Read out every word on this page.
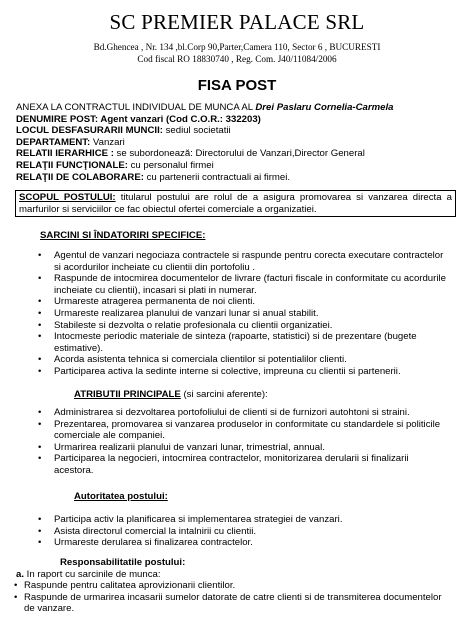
SC PREMIER PALACE SRL
Bd.Ghencea , Nr. 134 ,bl.Corp 90,Parter,Camera 110, Sector 6 , BUCURESTI
Cod fiscal RO 18830740 , Reg. Com. J40/11084/2006
FISA POST
ANEXA LA CONTRACTUL INDIVIDUAL DE MUNCA AL Drei Paslaru Cornelia-Carmela
DENUMIRE POST: Agent vanzari (Cod C.O.R.: 332203)
LOCUL DESFASURARII MUNCII: sediul societatii
DEPARTAMENT: Vanzari
RELATII IERARHICE : se subordonează: Directorului de Vanzari,Director General
RELAŢII FUNCŢIONALE: cu personalul firmei
RELAŢII DE COLABORARE: cu partenerii contractuali ai firmei.
SCOPUL POSTULUI: titularul postului are rolul de a asigura promovarea si vanzarea directa a marfurilor si serviciilor ce fac obiectul ofertei comerciale a organizatiei.
SARCINI SI ÎNDATORIRI SPECIFICE:
• Agentul de vanzari negociaza contractele si raspunde pentru corecta executare contractelor si acordurilor incheiate cu clientii din portofoliu .
• Raspunde de intocmirea documentelor de livrare (facturi fiscale in conformitate cu acordurile incheiate cu clientii), incasari si plati in numerar.
• Urmareste atragerea permanenta de noi clienti.
• Urmareste realizarea planului de vanzari lunar si anual stabilit.
• Stabileste si dezvolta o relatie profesionala cu clientii organizatiei.
• Intocmeste periodic materiale de sinteza (rapoarte, statistici) si de prezentare (bugete estimative).
• Acorda asistenta tehnica si comerciala clientilor si potentialilor clienti.
• Participarea activa la sedinte interne si colective, impreuna cu clientii si partenerii.
ATRIBUTII PRINCIPALE (si sarcini aferente):
• Administrarea si dezvoltarea portofoliului de clienti si de furnizori autohtoni si straini.
• Prezentarea, promovarea si vanzarea produselor in conformitate cu standardele si politicile comerciale ale companiei.
• Urmarirea realizarii planului de vanzari lunar, trimestrial, annual.
• Participarea la negocieri, intocmirea contractelor, monitorizarea derularii si finalizarii acestora.
Autoritatea postului:
• Participa activ la planificarea si implementarea strategiei de vanzari.
• Asista directorul comercial la intalnirii cu clientii.
• Urmareste derularea si finalizarea contractelor.
Responsabilitatile postului:
a. In raport cu sarcinile de munca:
• Raspunde pentru calitatea aprovizionarii clientilor.
• Raspunde de urmarirea incasarii sumelor datorate de catre clienti si de transmiterea documentelor de vanzare.
